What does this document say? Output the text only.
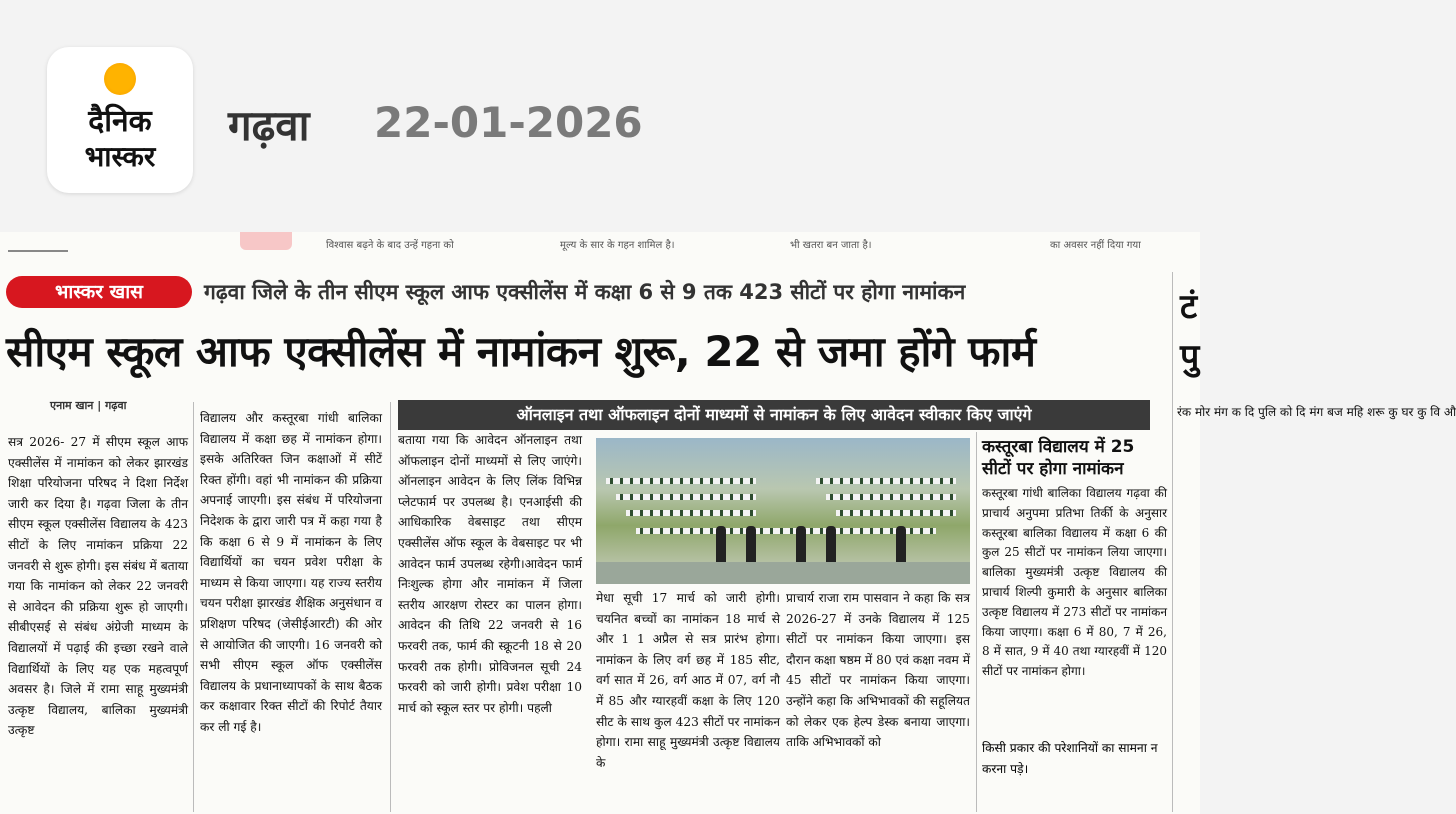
दैनिक
भास्कर
गढ़वा 22-01-2026
विश्वास बढ़ने के बाद उन्हें गहना को	मूल्य के सार के गहन शामिल है।	भी खतरा बन जाता है।	का अवसर नहीं दिया गया
भास्कर खास	गढ़वा जिले के तीन सीएम स्कूल आफ एक्सीलेंस में कक्षा 6 से 9 तक 423 सीटों पर होगा नामांकन
सीएम स्कूल आफ एक्सीलेंस में नामांकन शुरू, 22 से जमा होंगे फार्म
एनाम खान | गढ़वा
सत्र 2026- 27 में सीएम स्कूल आफ एक्सीलेंस में नामांकन को लेकर झारखंड शिक्षा परियोजना परिषद ने दिशा निर्देश जारी कर दिया है। गढ़वा जिला के तीन सीएम स्कूल एक्सीलेंस विद्यालय के 423 सीटों के लिए नामांकन प्रक्रिया 22 जनवरी से शुरू होगी। इस संबंध में बताया गया कि नामांकन को लेकर 22 जनवरी से आवेदन की प्रक्रिया शुरू हो जाएगी। सीबीएसई से संबंध अंग्रेजी माध्यम के विद्यालयों में पढ़ाई की इच्छा रखने वाले विद्यार्थियों के लिए यह एक महत्वपूर्ण अवसर है। जिले में रामा साहू मुख्यमंत्री उत्कृष्ट विद्यालय, बालिका मुख्यमंत्री उत्कृष्ट
विद्यालय और कस्तूरबा गांधी बालिका विद्यालय में कक्षा छह में नामांकन होगा। इसके अतिरिक्त जिन कक्षाओं में सीटें रिक्त होंगी। वहां भी नामांकन की प्रक्रिया अपनाई जाएगी। इस संबंध में परियोजना निदेशक के द्वारा जारी पत्र में कहा गया है कि कक्षा 6 से 9 में नामांकन के लिए विद्यार्थियों का चयन प्रवेश परीक्षा के माध्यम से किया जाएगा। यह राज्य स्तरीय चयन परीक्षा झारखंड शैक्षिक अनुसंधान व प्रशिक्षण परिषद (जेसीईआरटी) की ओर से आयोजित की जाएगी। 16 जनवरी को सभी सीएम स्कूल ऑफ एक्सीलेंस विद्यालय के प्रधानाध्यापकों के साथ बैठक कर कक्षावार रिक्त सीटों की रिपोर्ट तैयार कर ली गई है।
ऑनलाइन तथा ऑफलाइन दोनों माध्यमों से नामांकन के लिए आवेदन स्वीकार किए जाएंगे
बताया गया कि आवेदन ऑनलाइन तथा ऑफलाइन दोनों माध्यमों से लिए जाएंगे।ऑनलाइन आवेदन के लिए लिंक विभिन्न प्लेटफार्म पर उपलब्ध है। एनआईसी की आधिकारिक वेबसाइट तथा सीएम एक्सीलेंस ऑफ स्कूल के वेबसाइट पर भी आवेदन फार्म उपलब्ध रहेगी।आवेदन फार्म निःशुल्क होगा और नामांकन में जिला स्तरीय आरक्षण रोस्टर का पालन होगा। आवेदन की तिथि 22 जनवरी से 16 फरवरी तक, फार्म की स्क्रूटनी 18 से 20 फरवरी तक होगी। प्रोविजनल सूची 24 फरवरी को जारी होगी। प्रवेश परीक्षा 10 मार्च को स्कूल स्तर पर होगी। पहली
मेधा सूची 17 मार्च को जारी होगी। चयनित बच्चों का नामांकन 18 मार्च से और 1 1 अप्रैल से सत्र प्रारंभ होगा। नामांकन के लिए वर्ग छह में 185 सीट, वर्ग सात में 26, वर्ग आठ में 07, वर्ग नौ में 85 और ग्यारहवीं कक्षा के लिए 120 सीट के साथ कुल 423 सीटों पर नामांकन होगा। रामा साहू मुख्यमंत्री उत्कृष्ट विद्यालय के
प्राचार्य राजा राम पासवान ने कहा कि सत्र 2026-27 में उनके विद्यालय में 125 सीटों पर नामांकन किया जाएगा। इस दौरान कक्षा षष्ठम में 80 एवं कक्षा नवम में 45 सीटों पर नामांकन किया जाएगा। उन्होंने कहा कि अभिभावकों की सहूलियत को लेकर एक हेल्प डेस्क बनाया जाएगा। ताकि अभिभावकों को
कस्तूरबा विद्यालय में 25 सीटों पर होगा नामांकन

कस्तूरबा गांधी बालिका विद्यालय गढ़वा की प्राचार्य अनुपमा प्रतिभा तिर्की के अनुसार कस्तूरबा बालिका विद्यालय में कक्षा 6 की कुल 25 सीटों पर नामांकन लिया जाएगा। बालिका मुख्यमंत्री उत्कृष्ट विद्यालय की प्राचार्य शिल्पी कुमारी के अनुसार बालिका उत्कृष्ट विद्यालय में 273 सीटों पर नामांकन किया जाएगा। कक्षा 6 में 80, 7 में 26, 8 में सात, 9 में 40 तथा ग्यारहवीं में 120 सीटों पर नामांकन होगा।

किसी प्रकार की परेशानियों का सामना न करना पड़े।
टं
पु
रंक मोर मंग क दि पुलि को दि मंग बज महि शरू कु घर कु वि औ
